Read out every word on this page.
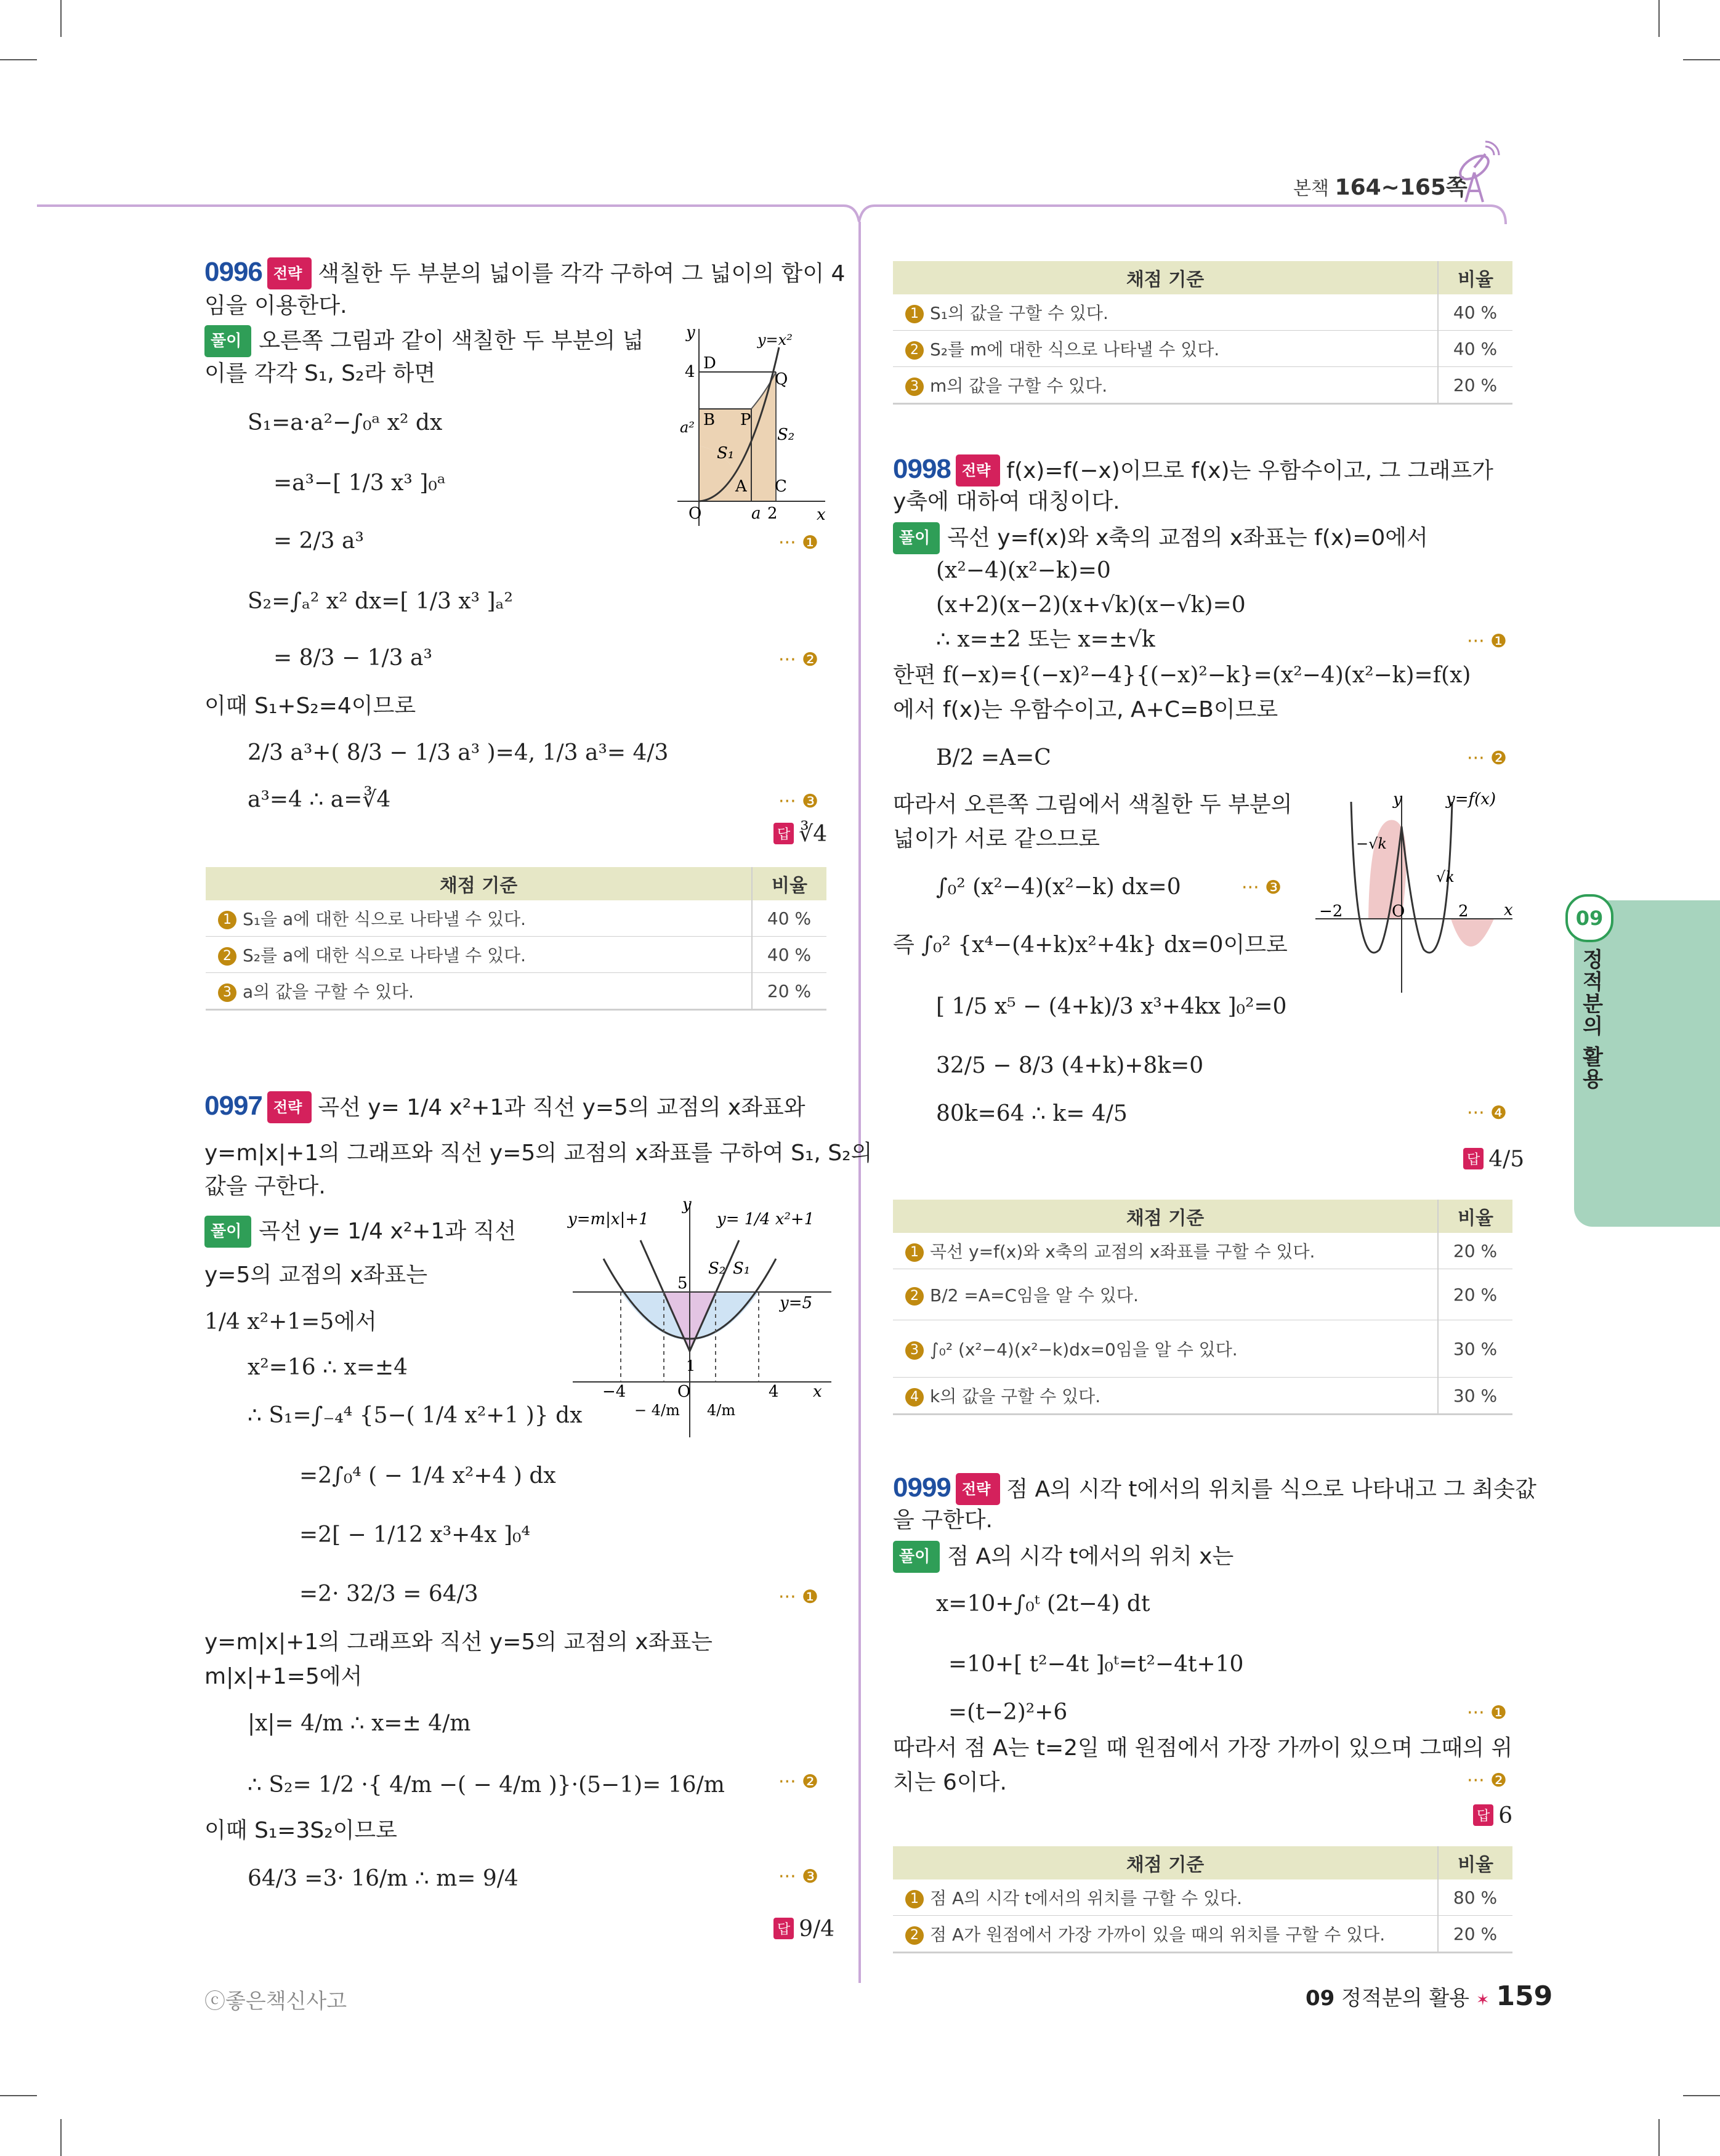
본책 164~165쪽
09
정적분의 활용
0996 전략 색칠한 두 부분의 넓이를 각각 구하여 그 넓이의 합이 4
임을 이용한다.
풀이 오른쪽 그림과 같이 색칠한 두 부분의 넓
이를 각각 S₁, S₂라 하면
S₁=a·a²−∫₀ᵃ x² dx
=a³−[ 1/3 x³ ]₀ᵃ
= 2/3 a³	··· ❶
S₂=∫ₐ² x² dx=[ 1/3 x³ ]ₐ²
= 8/3 − 1/3 a³	··· ❷
이때 S₁+S₂=4이므로
2/3 a³+( 8/3 − 1/3 a³ )=4, 1/3 a³= 4/3
a³=4 ∴ a=∛4	··· ❸
답 ∛4
y
x
O
y=x²
4
a²
D
Q
B P
A C
S₁
S₂
a 2
채점 기준	비율
1 S₁을 a에 대한 식으로 나타낼 수 있다.	40 %
2 S₂를 a에 대한 식으로 나타낼 수 있다.	40 %
3 a의 값을 구할 수 있다.	20 %
0997 전략 곡선 y= 1/4 x²+1과 직선 y=5의 교점의 x좌표와
y=m|x|+1의 그래프와 직선 y=5의 교점의 x좌표를 구하여 S₁, S₂의
값을 구한다.
풀이 곡선 y= 1/4 x²+1과 직선
y=5의 교점의 x좌표는
1/4 x²+1=5에서
x²=16 ∴ x=±4
∴ S₁=∫₋₄⁴ {5−( 1/4 x²+1 )} dx
=2∫₀⁴ ( − 1/4 x²+4 ) dx
=2[ − 1/12 x³+4x ]₀⁴
=2· 32/3 = 64/3	··· ❶
y=m|x|+1의 그래프와 직선 y=5의 교점의 x좌표는
m|x|+1=5에서
|x|= 4/m ∴ x=± 4/m
∴ S₂= 1/2 ·{ 4/m −( − 4/m )}·(5−1)= 16/m	··· ❷
이때 S₁=3S₂이므로
64/3 =3· 16/m ∴ m= 9/4	··· ❸
답 9/4
y
x
O
y=m|x|+1	y= 1/4 x²+1
y=5
5
1
−4	4
− 4/m 4/m
S₁
S₂
채점 기준	비율
1 S₁의 값을 구할 수 있다.	40 %
2 S₂를 m에 대한 식으로 나타낼 수 있다.	40 %
3 m의 값을 구할 수 있다.	20 %
0998 전략 f(x)=f(−x)이므로 f(x)는 우함수이고, 그 그래프가
y축에 대하여 대칭이다.
풀이 곡선 y=f(x)와 x축의 교점의 x좌표는 f(x)=0에서
(x²−4)(x²−k)=0
(x+2)(x−2)(x+√k)(x−√k)=0
∴ x=±2 또는 x=±√k	··· ❶
한편 f(−x)={(−x)²−4}{(−x)²−k}=(x²−4)(x²−k)=f(x)
에서 f(x)는 우함수이고, A+C=B이므로
B/2 =A=C	··· ❷
따라서 오른쪽 그림에서 색칠한 두 부분의
넓이가 서로 같으므로
∫₀² (x²−4)(x²−k) dx=0	··· ❸
즉 ∫₀² {x⁴−(4+k)x²+4k} dx=0이므로
[ 1/5 x⁵ − (4+k)/3 x³+4kx ]₀²=0
32/5 − 8/3 (4+k)+8k=0
80k=64 ∴ k= 4/5	··· ❹
답 4/5
y
x
O
y=f(x)
−2	2
−√k
√k
채점 기준	비율
1 곡선 y=f(x)와 x축의 교점의 x좌표를 구할 수 있다.	20 %
2 B/2 =A=C임을 알 수 있다.	20 %
3 ∫₀² (x²−4)(x²−k)dx=0임을 알 수 있다.	30 %
4 k의 값을 구할 수 있다.	30 %
0999 전략 점 A의 시각 t에서의 위치를 식으로 나타내고 그 최솟값
을 구한다.
풀이 점 A의 시각 t에서의 위치 x는
x=10+∫₀ᵗ (2t−4) dt
=10+[ t²−4t ]₀ᵗ=t²−4t+10
=(t−2)²+6	··· ❶
따라서 점 A는 t=2일 때 원점에서 가장 가까이 있으며 그때의 위
치는 6이다.	··· ❷
답 6
채점 기준	비율
1 점 A의 시각 t에서의 위치를 구할 수 있다.	80 %
2 점 A가 원점에서 가장 가까이 있을 때의 위치를 구할 수 있다.	20 %
ⓒ좋은책신사고	09 정적분의 활용 ✶ 159
